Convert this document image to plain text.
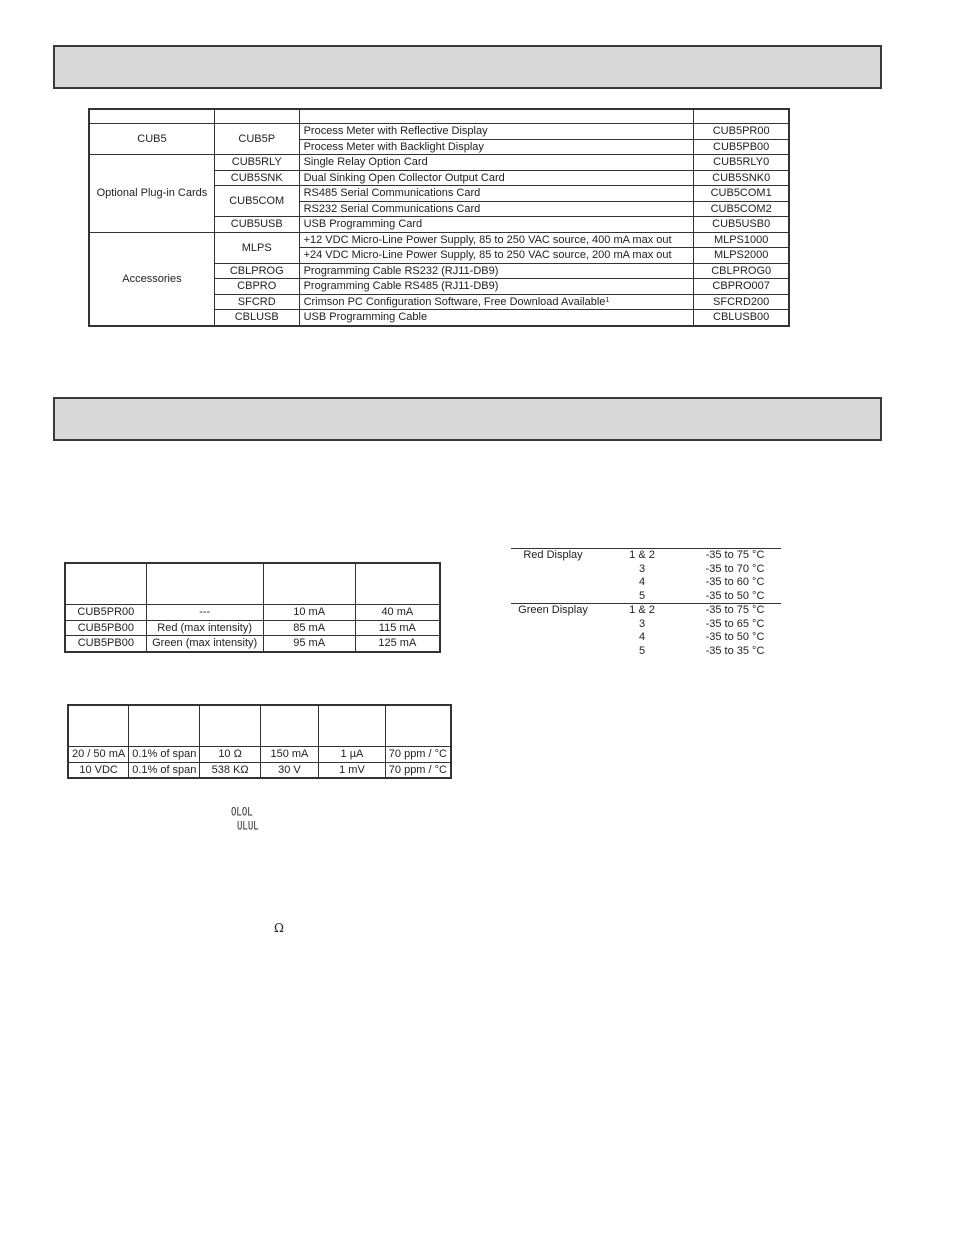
CUB5	CUB5P	Process Meter with Reflective Display	CUB5PR00
		Process Meter with Backlight Display	CUB5PB00
Optional Plug-in Cards	CUB5RLY	Single Relay Option Card	CUB5RLY0
	CUB5SNK	Dual Sinking Open Collector Output Card	CUB5SNK0
	CUB5COM	RS485 Serial Communications Card	CUB5COM1
		RS232 Serial Communications Card	CUB5COM2
	CUB5USB	USB Programming Card	CUB5USB0
Accessories	MLPS	+12 VDC Micro-Line Power Supply, 85 to 250 VAC source, 400 mA max out	MLPS1000
		+24 VDC Micro-Line Power Supply, 85 to 250 VAC source, 200 mA max out	MLPS2000
	CBLPROG	Programming Cable RS232 (RJ11-DB9)	CBLPROG0
	CBPRO	Programming Cable RS485 (RJ11-DB9)	CBPRO007
	SFCRD	Crimson PC Configuration Software, Free Download Available$^1$	SFCRD200
	CBLUSB	USB Programming Cable	CBLUSB00

CUB5PR00	---	10 mA	40 mA
CUB5PB00	Red (max intensity)	85 mA	115 mA
CUB5PB00	Green (max intensity)	95 mA	125 mA
Red Display	1 & 2	-35 to 75 °C
	3	-35 to 70 °C
	4	-35 to 60 °C
	5	-35 to 50 °C
Green Display	1 & 2	-35 to 75 °C
	3	-35 to 65 °C
	4	-35 to 50 °C
	5	-35 to 35 °C

20 / 50 mA	0.1% of span	10 Ω	150 mA	1 µA	70 ppm / °C
10 VDC	0.1% of span	538 KΩ	30 V	1 mV	70 ppm / °C
OLOL
ULUL
Ω
